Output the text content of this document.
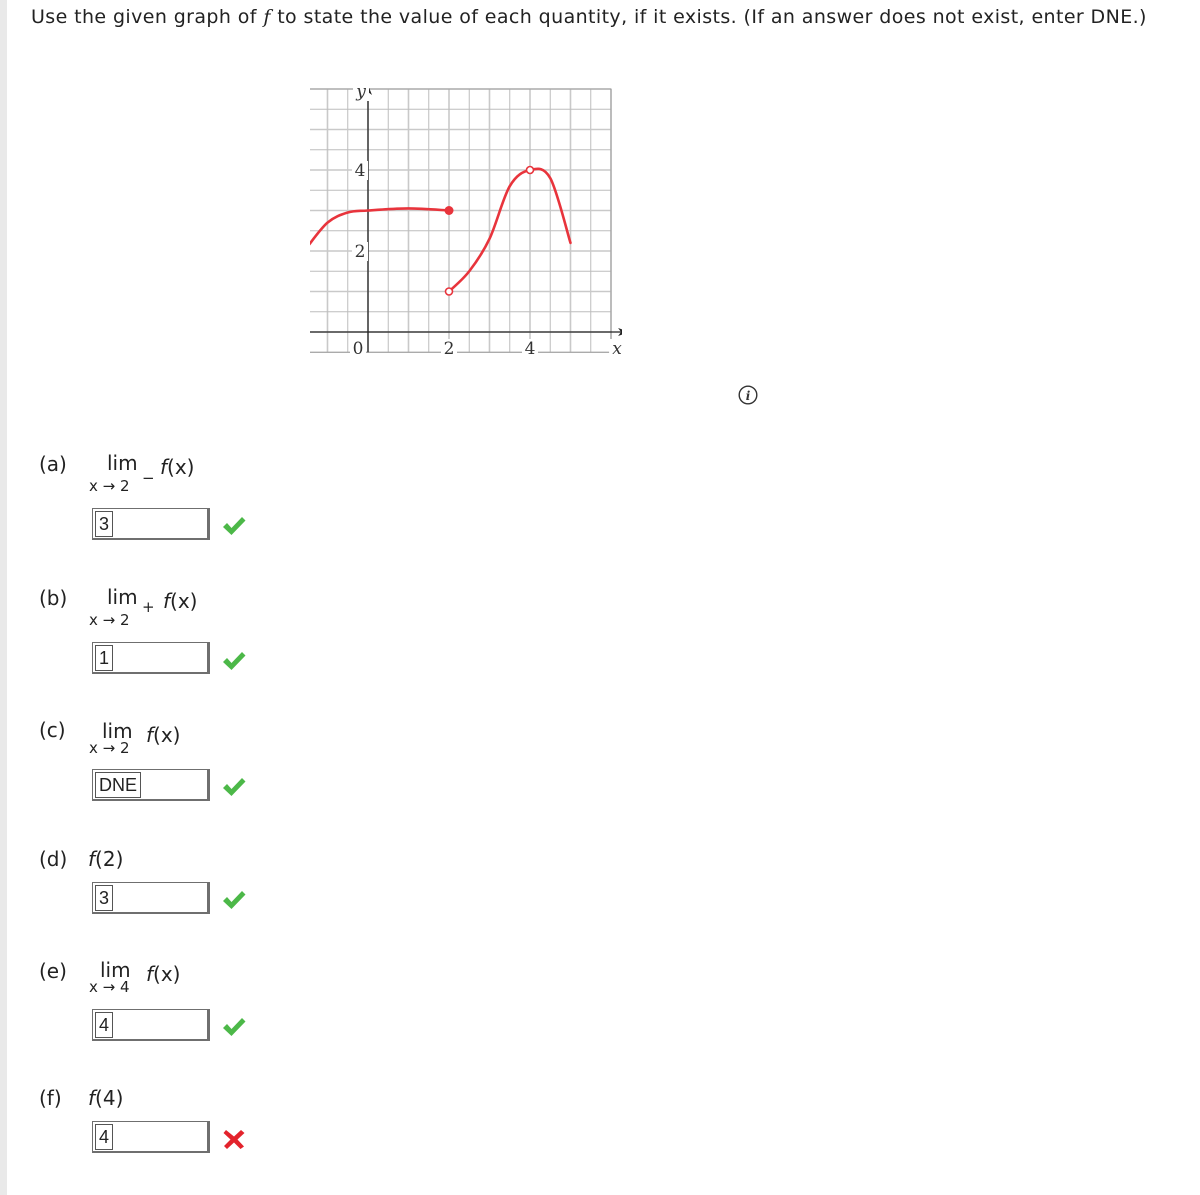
Use the given graph of f to state the value of each quantity, if it exists. (If an answer does not exist, enter DNE.)
y
x
4
2
0	2	4
i
(a) lim
x → 2 − f(x)
3
(b) lim
x → 2
+ f(x)
1
(c) lim
x → 2
f(x)
DNE
(d) f(2)
3
(e) lim
x → 4
f(x)
4
(f) f(4)
4
